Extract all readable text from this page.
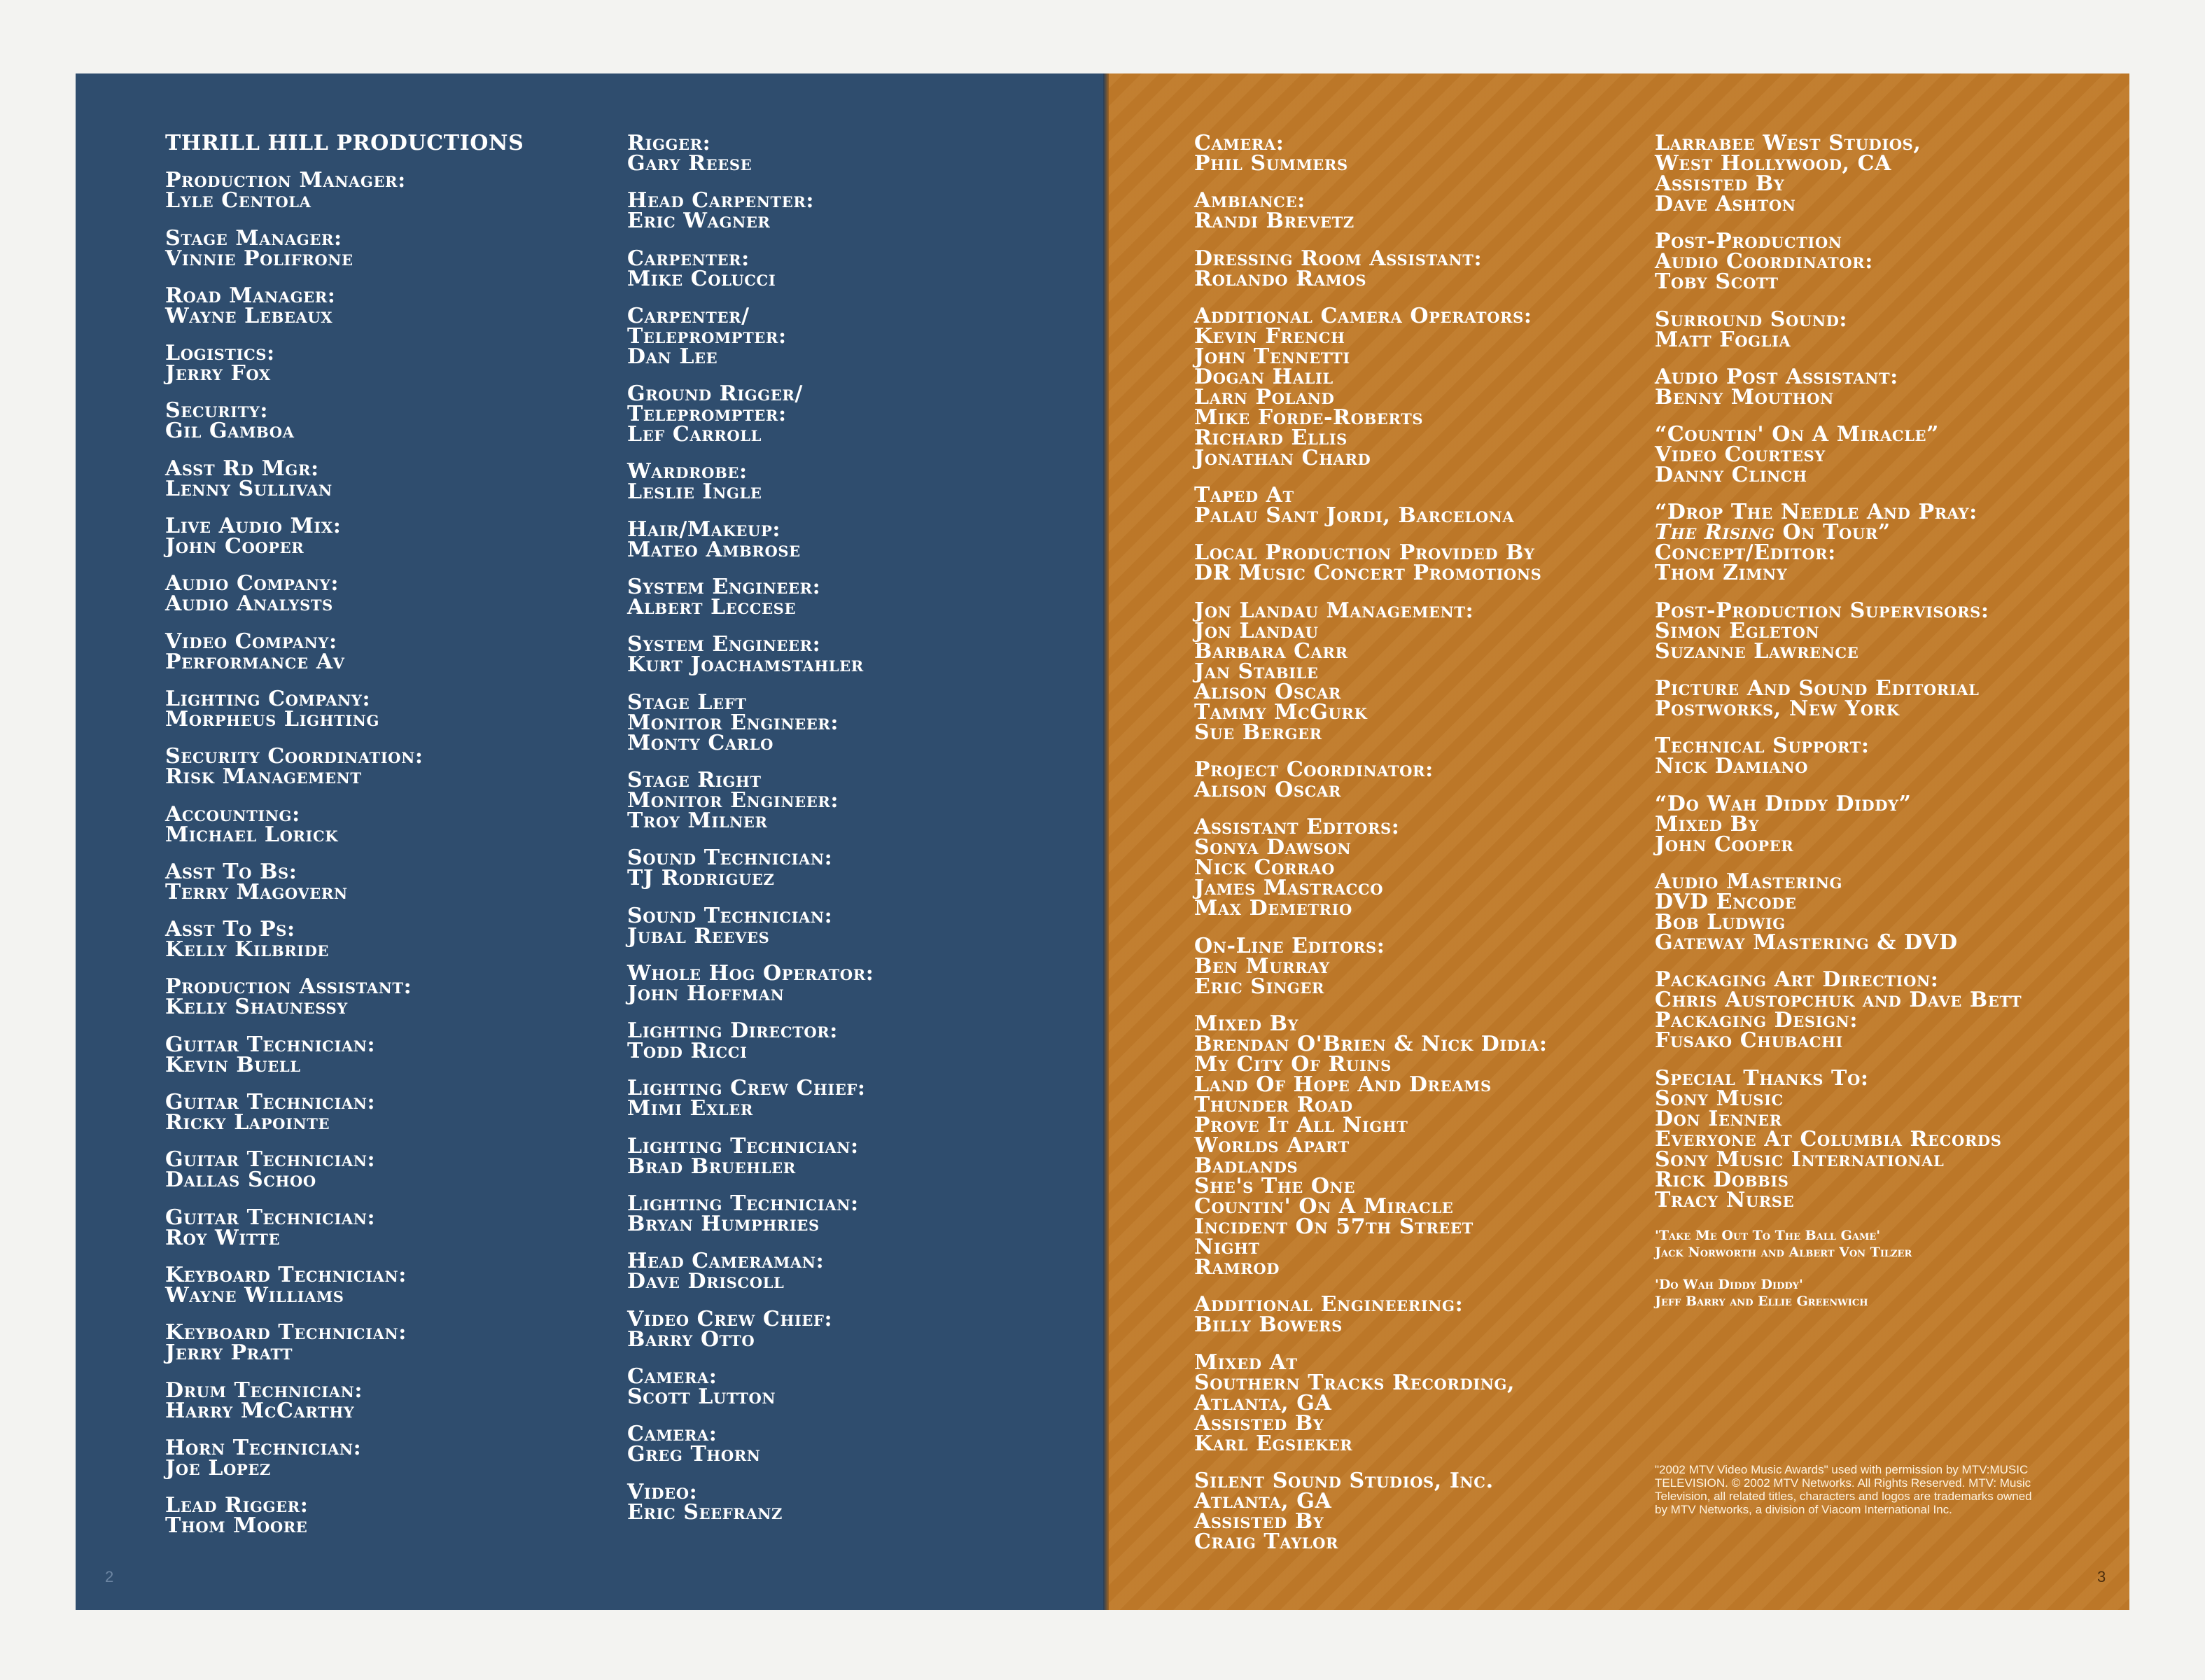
THRILL HILL PRODUCTIONS
Production Manager:
Lyle Centola
Stage Manager:
Vinnie Polifrone
Road Manager:
Wayne Lebeaux
Logistics:
Jerry Fox
Security:
Gil Gamboa
Asst Rd Mgr:
Lenny Sullivan
Live Audio Mix:
John Cooper
Audio Company:
Audio Analysts
Video Company:
Performance Av
Lighting Company:
Morpheus Lighting
Security Coordination:
Risk Management
Accounting:
Michael Lorick
Asst To Bs:
Terry Magovern
Asst To Ps:
Kelly Kilbride
Production Assistant:
Kelly Shaunessy
Guitar Technician:
Kevin Buell
Guitar Technician:
Ricky Lapointe
Guitar Technician:
Dallas Schoo
Guitar Technician:
Roy Witte
Keyboard Technician:
Wayne Williams
Keyboard Technician:
Jerry Pratt
Drum Technician:
Harry McCarthy
Horn Technician:
Joe Lopez
Lead Rigger:
Thom Moore
Rigger:
Gary Reese
Head Carpenter:
Eric Wagner
Carpenter:
Mike Colucci
Carpenter/
Teleprompter:
Dan Lee
Ground Rigger/
Teleprompter:
Lef Carroll
Wardrobe:
Leslie Ingle
Hair/Makeup:
Mateo Ambrose
System Engineer:
Albert Leccese
System Engineer:
Kurt Joachamstahler
Stage Left
Monitor Engineer:
Monty Carlo
Stage Right
Monitor Engineer:
Troy Milner
Sound Technician:
TJ Rodriguez
Sound Technician:
Jubal Reeves
Whole Hog Operator:
John Hoffman
Lighting Director:
Todd Ricci
Lighting Crew Chief:
Mimi Exler
Lighting Technician:
Brad Bruehler
Lighting Technician:
Bryan Humphries
Head Cameraman:
Dave Driscoll
Video Crew Chief:
Barry Otto
Camera:
Scott Lutton
Camera:
Greg Thorn
Video:
Eric Seefranz
Camera:
Phil Summers
Ambiance:
Randi Brevetz
Dressing Room Assistant:
Rolando Ramos
Additional Camera Operators:
Kevin French
John Tennetti
Dogan Halil
Larn Poland
Mike Forde-Roberts
Richard Ellis
Jonathan Chard
Taped At
Palau Sant Jordi, Barcelona
Local Production Provided By
DR Music Concert Promotions
Jon Landau Management:
Jon Landau
Barbara Carr
Jan Stabile
Alison Oscar
Tammy McGurk
Sue Berger
Project Coordinator:
Alison Oscar
Assistant Editors:
Sonya Dawson
Nick Corrao
James Mastracco
Max Demetrio
On-Line Editors:
Ben Murray
Eric Singer
Mixed By
Brendan O'Brien & Nick Didia:
My City Of Ruins
Land Of Hope And Dreams
Thunder Road
Prove It All Night
Worlds Apart
Badlands
She's The One
Countin' On A Miracle
Incident On 57th Street
Night
Ramrod
Additional Engineering:
Billy Bowers
Mixed At
Southern Tracks Recording,
Atlanta, GA
Assisted By
Karl Egsieker
Silent Sound Studios, Inc.
Atlanta, GA
Assisted By
Craig Taylor
Larrabee West Studios,
West Hollywood, CA
Assisted By
Dave Ashton
Post-Production
Audio Coordinator:
Toby Scott
Surround Sound:
Matt Foglia
Audio Post Assistant:
Benny Mouthon
“Countin' On A Miracle”
Video Courtesy
Danny Clinch
“Drop The Needle And Pray:
The Rising On Tour”
Concept/Editor:
Thom Zimny
Post-Production Supervisors:
Simon Egleton
Suzanne Lawrence
Picture And Sound Editorial
Postworks, New York
Technical Support:
Nick Damiano
“Do Wah Diddy Diddy”
Mixed By
John Cooper
Audio Mastering
DVD Encode
Bob Ludwig
Gateway Mastering & DVD
Packaging Art Direction:
Chris Austopchuk and Dave Bett
Packaging Design:
Fusako Chubachi
Special Thanks To:
Sony Music
Don Ienner
Everyone At Columbia Records
Sony Music International
Rick Dobbis
Tracy Nurse
'Take Me Out To The Ball Game'
Jack Norworth and Albert Von Tilzer
'Do Wah Diddy Diddy'
Jeff Barry and Ellie Greenwich
"2002 MTV Video Music Awards" used with permission by MTV:MUSIC TELEVISION. © 2002 MTV Networks. All Rights Reserved. MTV: Music Television, all related titles, characters and logos are trademarks owned by MTV Networks, a division of Viacom International Inc.
2	3
